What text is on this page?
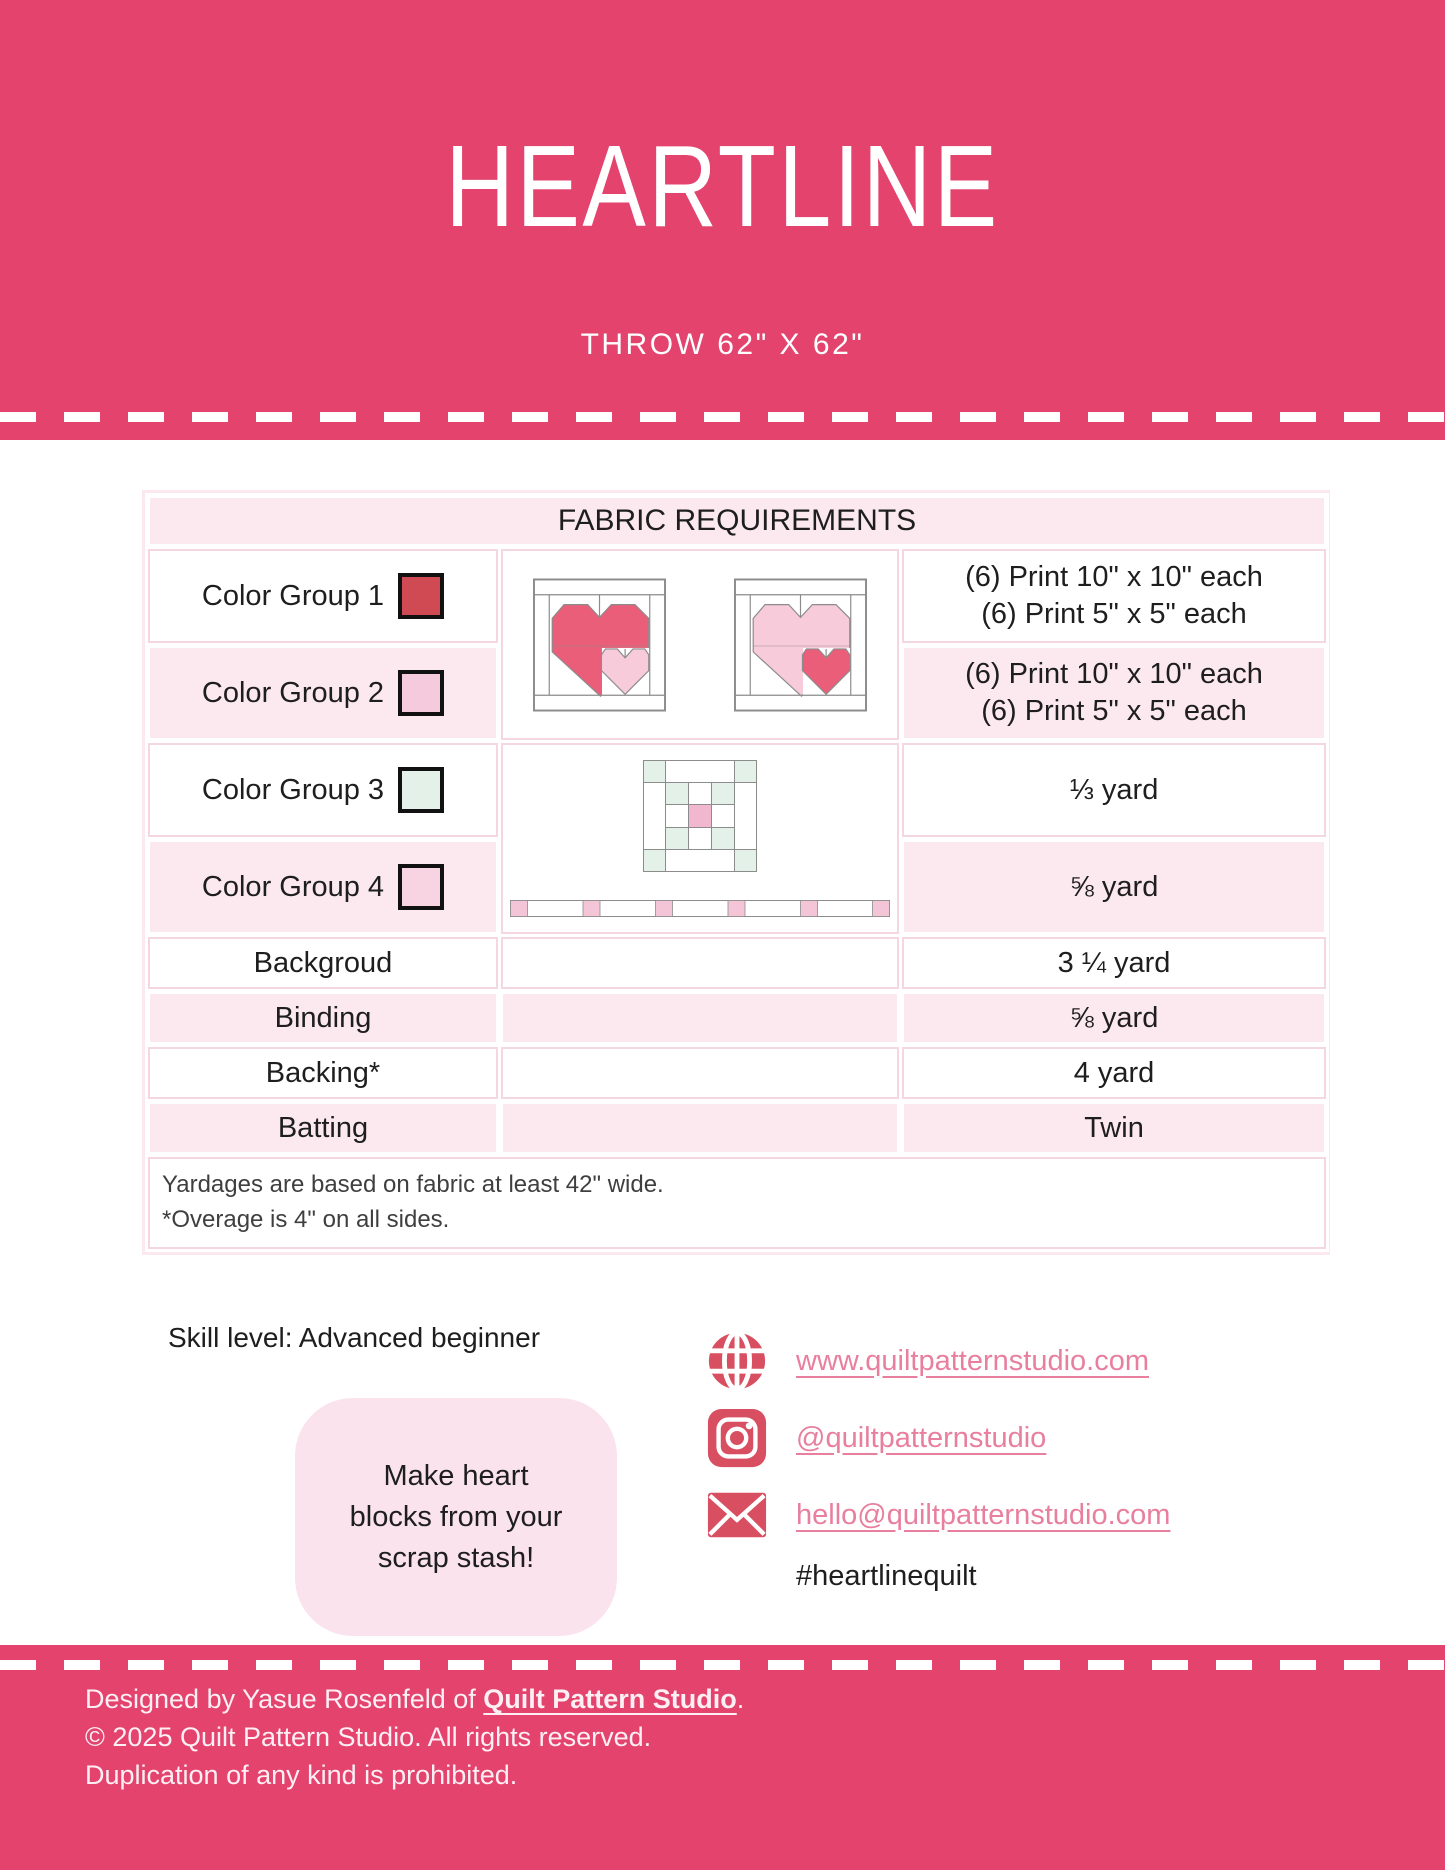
HEARTLINE
THROW 62" X 62"
FABRIC REQUIREMENTS		

Color Group 1		(6) Print 10" x 10" each
(6) Print 5" x 5" each

Color Group 2		(6) Print 10" x 10" each
(6) Print 5" x 5" each

Color Group 3		⅓ yard

Color Group 4		⅝ yard

Backgroud		3 ¼ yard
Binding		⅝ yard
Backing*		4 yard
Batting		Twin

Yardages are based on fabric at least 42" wide.
*Overage is 4" on all sides.		
Skill level: Advanced beginner
Make heart
blocks from your
scrap stash!
www.quiltpatternstudio.com
@quiltpatternstudio
hello@quiltpatternstudio.com
#heartlinequilt
Designed by Yasue Rosenfeld of Quilt Pattern Studio.
© 2025 Quilt Pattern Studio. All rights reserved.
Duplication of any kind is prohibited.
